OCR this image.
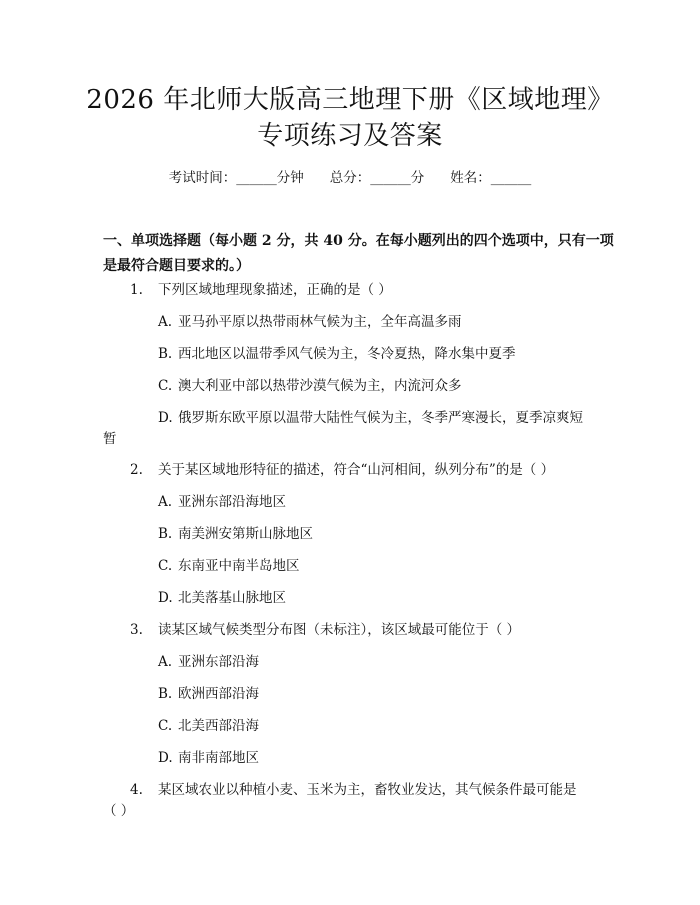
2026 年北师大版高三地理下册《区域地理》
专项练习及答案
考试时间：______分钟 总分：______分 姓名：______
一、单项选择题（每小题 2 分，共 40 分。在每小题列出的四个选项中，只有一项
是最符合题目要求的。）
1. 下列区域地理现象描述，正确的是（ ）
A. 亚马孙平原以热带雨林气候为主，全年高温多雨
B. 西北地区以温带季风气候为主，冬冷夏热，降水集中夏季
C. 澳大利亚中部以热带沙漠气候为主，内流河众多
D. 俄罗斯东欧平原以温带大陆性气候为主，冬季严寒漫长，夏季凉爽短
暂
2. 关于某区域地形特征的描述，符合“山河相间，纵列分布”的是（ ）
A. 亚洲东部沿海地区
B. 南美洲安第斯山脉地区
C. 东南亚中南半岛地区
D. 北美落基山脉地区
3. 读某区域气候类型分布图（未标注），该区域最可能位于（ ）
A. 亚洲东部沿海
B. 欧洲西部沿海
C. 北美西部沿海
D. 南非南部地区
4. 某区域农业以种植小麦、玉米为主，畜牧业发达，其气候条件最可能是
（ ）
